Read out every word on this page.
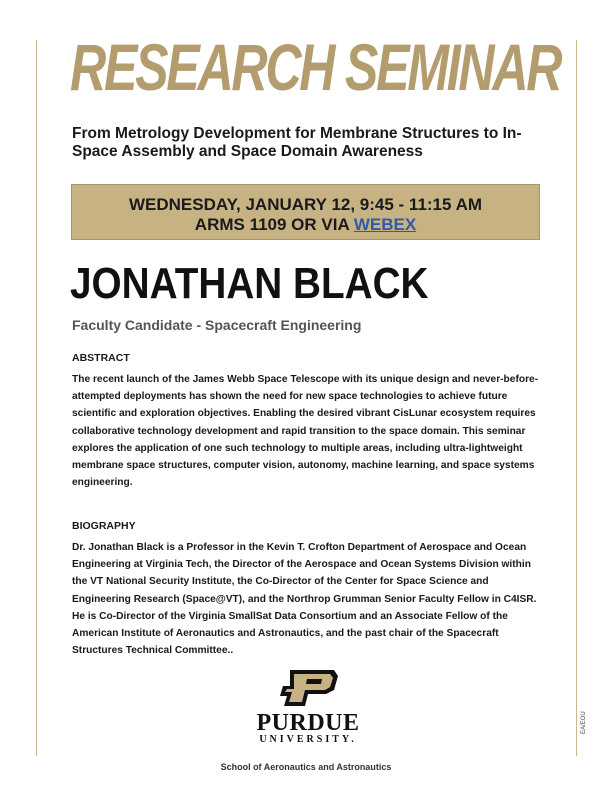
RESEARCH SEMINAR
From Metrology Development for Membrane Structures to In-Space Assembly and Space Domain Awareness
WEDNESDAY, JANUARY 12, 9:45 - 11:15 AM
ARMS 1109 OR VIA WEBEX
JONATHAN BLACK
Faculty Candidate - Spacecraft Engineering
ABSTRACT
The recent launch of the James Webb Space Telescope with its unique design and never-before-attempted deployments has shown the need for new space technologies to achieve future scientific and exploration objectives. Enabling the desired vibrant CisLunar ecosystem requires collaborative technology development and rapid transition to the space domain. This seminar explores the application of one such technology to multiple areas, including ultra-lightweight membrane space structures, computer vision, autonomy, machine learning, and space systems engineering.
BIOGRAPHY
Dr. Jonathan Black is a Professor in the Kevin T. Crofton Department of Aerospace and Ocean Engineering at Virginia Tech, the Director of the Aerospace and Ocean Systems Division within the VT National Security Institute, the Co-Director of the Center for Space Science and Engineering Research (Space@VT), and the Northrop Grumman Senior Faculty Fellow in C4ISR. He is Co-Director of the Virginia SmallSat Data Consortium and an Associate Fellow of the American Institute of Aeronautics and Astronautics, and the past chair of the Spacecraft Structures Technical Committee..
PURDUE
UNIVERSITY.
School of Aeronautics and Astronautics
EA/EOU
